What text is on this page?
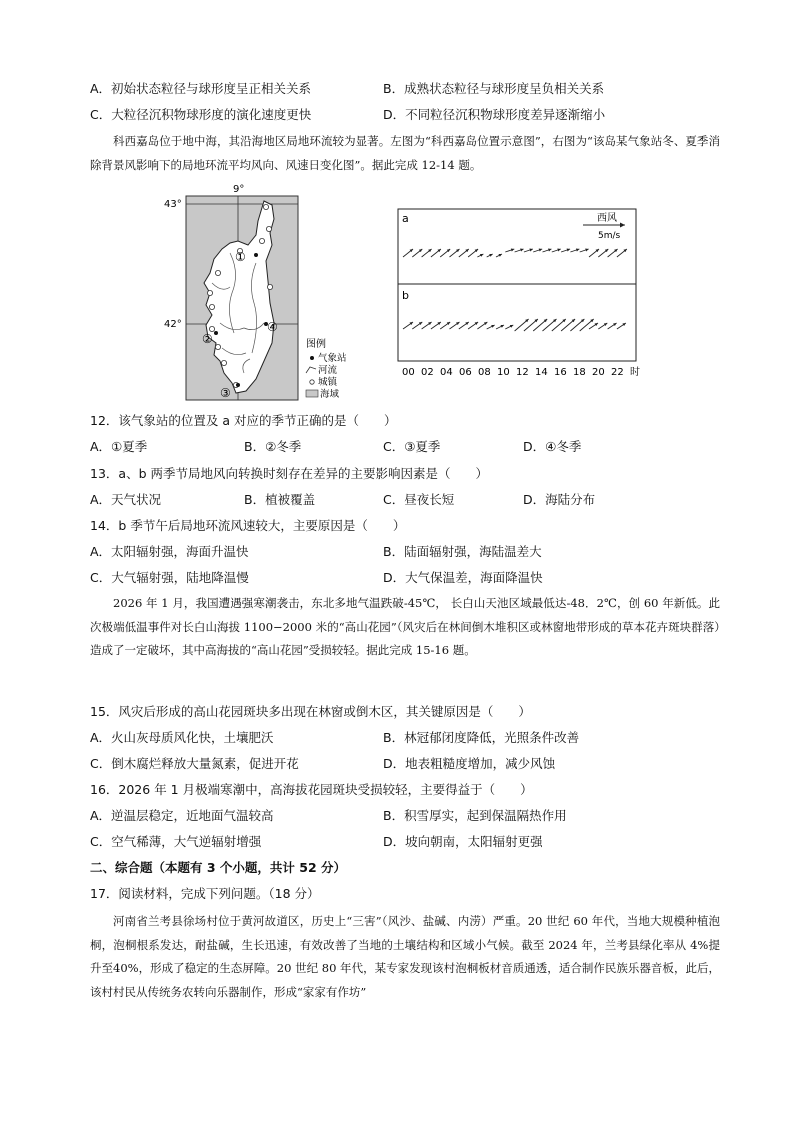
A．初始状态粒径与球形度呈正相关关系	B．成熟状态粒径与球形度呈负相关关系
C．大粒径沉积物球形度的演化速度更快	D．不同粒径沉积物球形度差异逐渐缩小
科西嘉岛位于地中海，其沿海地区局地环流较为显著。左图为“科西嘉岛位置示意图”，右图为“该岛某气象站冬、夏季消除背景风影响下的局地环流平均风向、风速日变化图”。据此完成 12-14 题。
9°
43°
42°
①
②
③
④
图例
气象站
河流
城镇
海域
a
b
西风
5m/s
00 02 04 06 08 10 12 14 16 18 20 22 时
12．该气象站的位置及 a 对应的季节正确的是（　　）
A．①夏季	B．②冬季	C．③夏季	D．④冬季
13．a、b 两季节局地风向转换时刻存在差异的主要影响因素是（　　）
A．天气状况	B．植被覆盖	C．昼夜长短	D．海陆分布
14．b 季节午后局地环流风速较大，主要原因是（　　）
A．太阳辐射强，海面升温快	B．陆面辐射强，海陆温差大
C．大气辐射强，陆地降温慢	D．大气保温差，海面降温快
2026 年 1 月，我国遭遇强寒潮袭击，东北多地气温跌破-45℃， 长白山天池区域最低达-48．2℃，创 60 年新低。此次极端低温事件对长白山海拔 1100−2000 米的“高山花园”（风灾后在林间倒木堆积区或林窗地带形成的草本花卉斑块群落）造成了一定破坏，其中高海拔的“高山花园”受损较轻。据此完成 15-16 题。
15．风灾后形成的高山花园斑块多出现在林窗或倒木区，其关键原因是（　　）
A．火山灰母质风化快，土壤肥沃	B．林冠郁闭度降低，光照条件改善
C．倒木腐烂释放大量氮素，促进开花	D．地表粗糙度增加，减少风蚀
16．2026 年 1 月极端寒潮中，高海拔花园斑块受损较轻，主要得益于（　　）
A．逆温层稳定，近地面气温较高	B．积雪厚实，起到保温隔热作用
C．空气稀薄，大气逆辐射增强	D．坡向朝南，太阳辐射更强
二、综合题（本题有 3 个小题，共计 52 分）
17．阅读材料，完成下列问题。（18 分）
河南省兰考县徐场村位于黄河故道区，历史上“三害”（风沙、盐碱、内涝）严重。20 世纪 60 年代，当地大规模种植泡桐，泡桐根系发达，耐盐碱，生长迅速，有效改善了当地的土壤结构和区域小气候。截至 2024 年，兰考县绿化率从 4%提升至40%，形成了稳定的生态屏障。20 世纪 80 年代，某专家发现该村泡桐板材音质通透，适合制作民族乐器音板，此后，该村村民从传统务农转向乐器制作，形成“家家有作坊”
